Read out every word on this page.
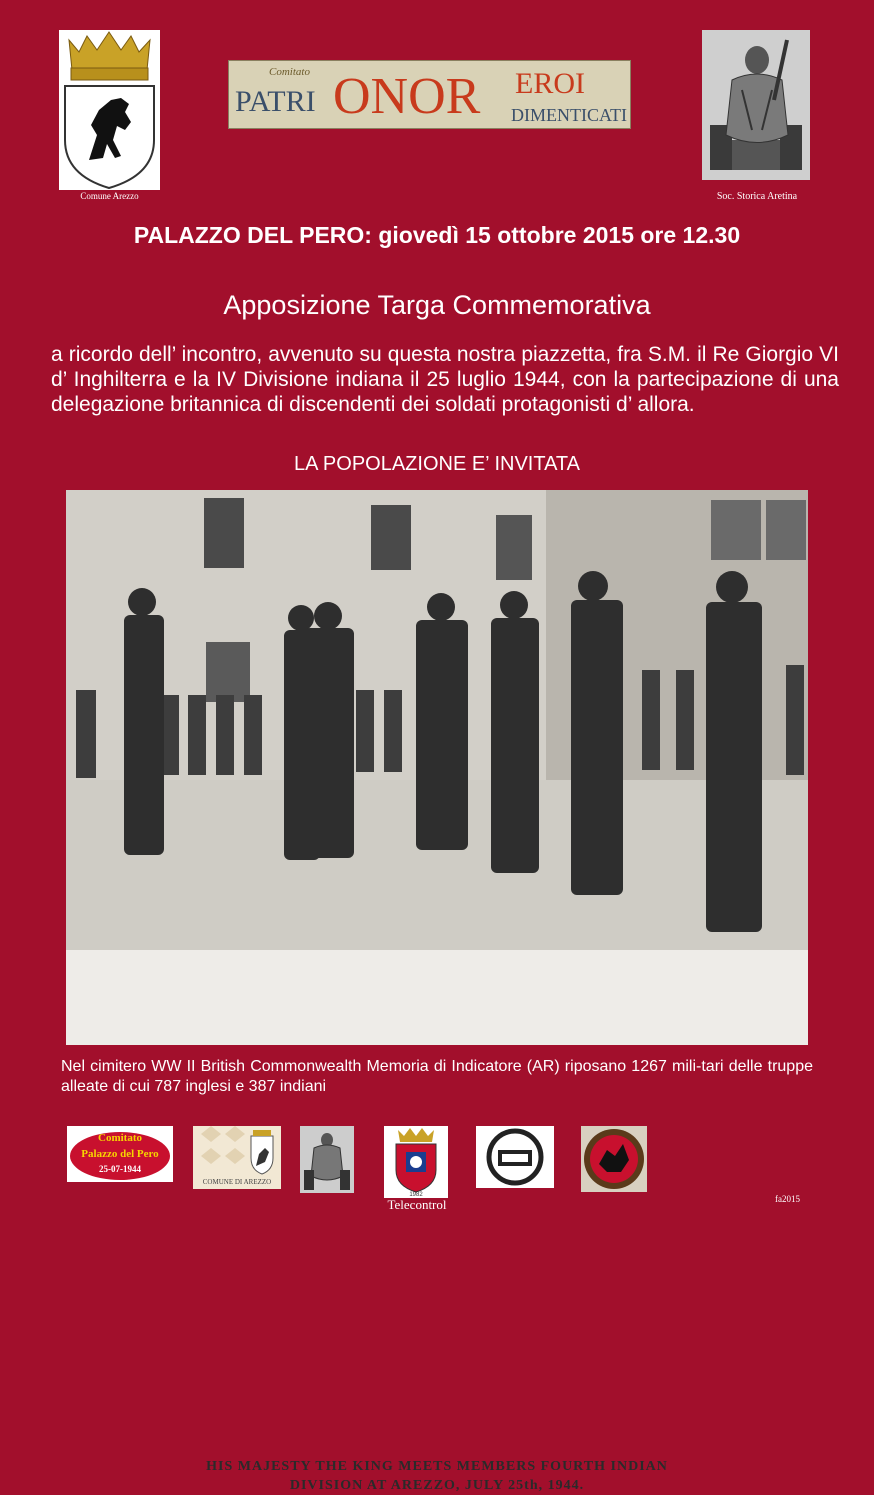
Comune Arezzo
Comitato
PATRI ONOR EROI
DIMENTICATI
Soc. Storica Aretina
PALAZZO DEL PERO: giovedì 15 ottobre 2015 ore 12.30
Apposizione Targa Commemorativa
a ricordo dell’ incontro, avvenuto su questa nostra piazzetta, fra S.M. il Re Giorgio VI d’ Inghilterra e la IV Divisione indiana il 25 luglio 1944, con la partecipazione di una delegazione britannica di discendenti dei soldati protagonisti d’ allora.
LA POPOLAZIONE E’ INVITATA
HIS MAJESTY THE KING MEETS MEMBERS FOURTH INDIAN
DIVISION AT AREZZO, JULY 25th, 1944.
Nel cimitero WW II British Commonwealth Memoria di Indicatore (AR) riposano 1267 mili-tari delle truppe alleate di cui 787 inglesi e 387 indiani
Comitato
Palazzo del Pero
25-07-1944
COMUNE DI AREZZO
1982
Telecontrol	fa2015
